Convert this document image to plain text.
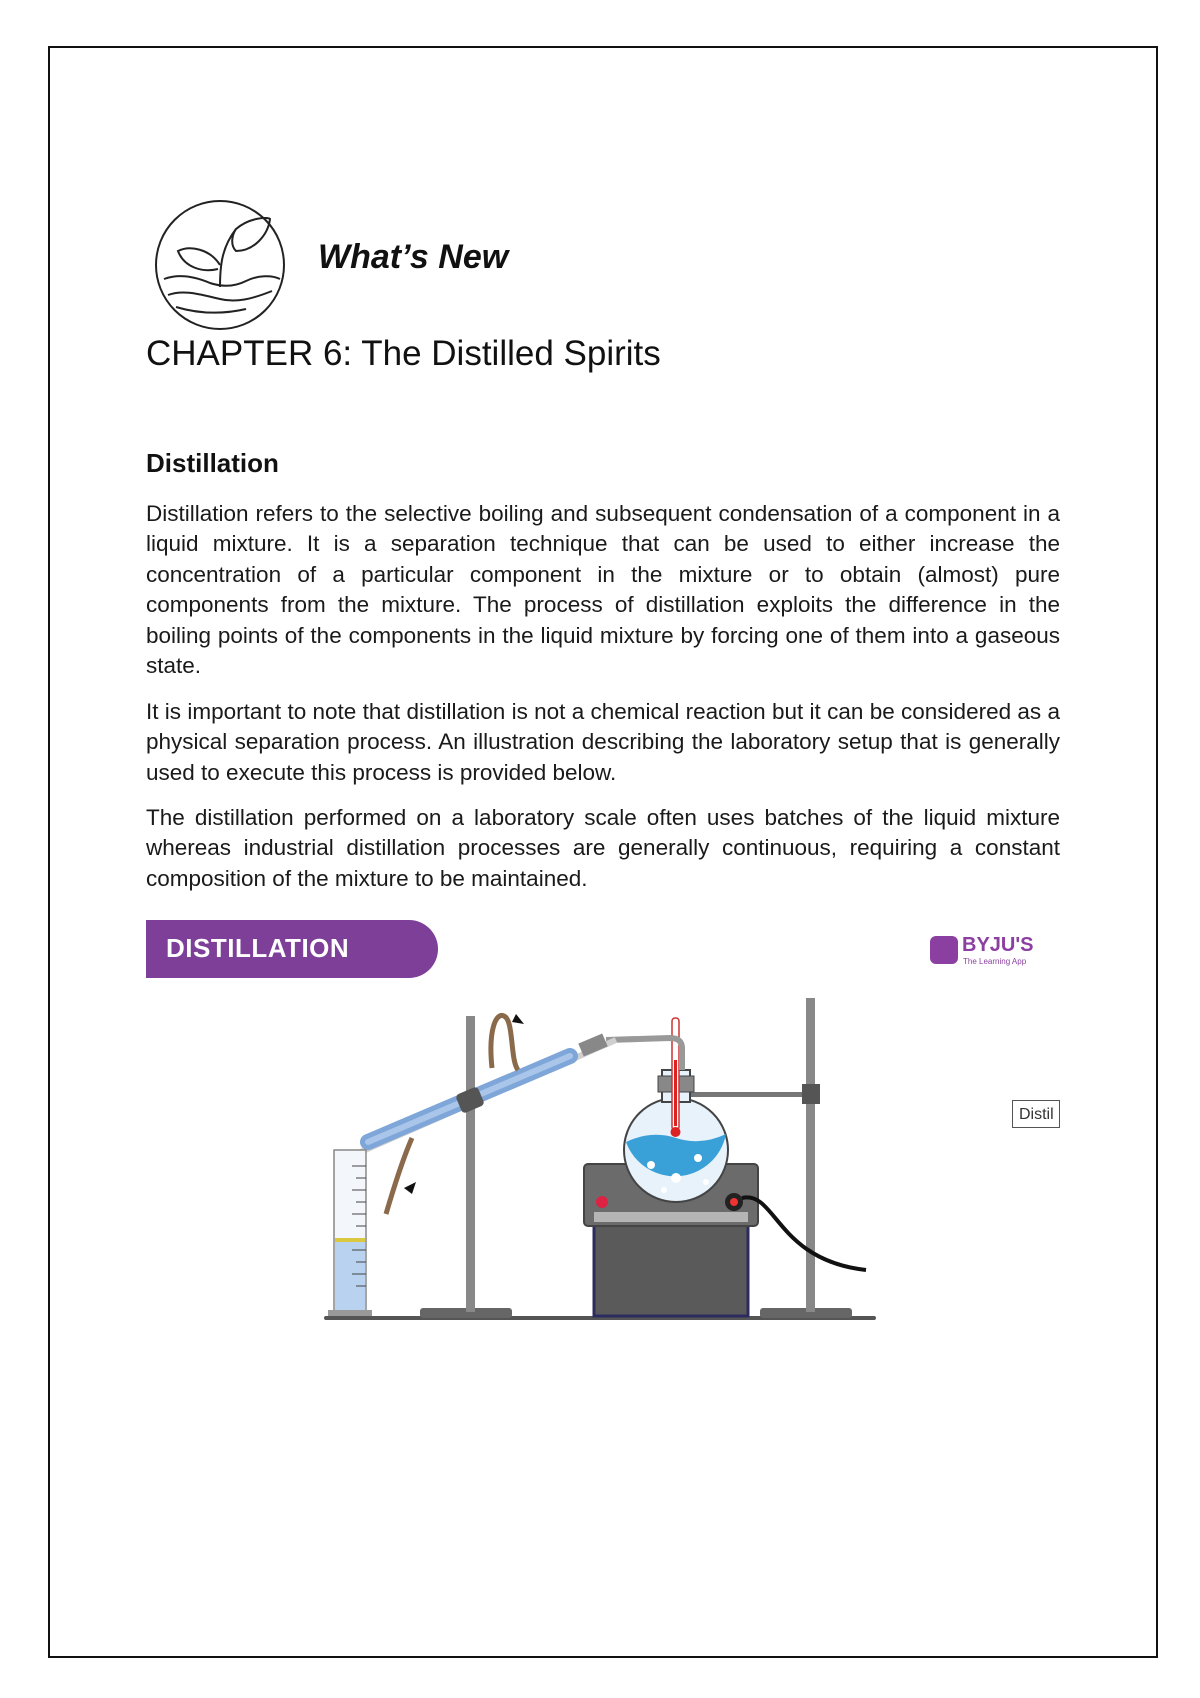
What’s New
CHAPTER 6: The Distilled Spirits
Distillation
Distillation refers to the selective boiling and subsequent condensation of a component in a liquid mixture. It is a separation technique that can be used to either increase the concentration of a particular component in the mixture or to obtain (almost) pure components from the mixture. The process of distillation exploits the difference in the boiling points of the components in the liquid mixture by forcing one of them into a gaseous state.
It is important to note that distillation is not a chemical reaction but it can be considered as a physical separation process. An illustration describing the laboratory setup that is generally used to execute this process is provided below.
The distillation performed on a laboratory scale often uses batches of the liquid mixture whereas industrial distillation processes are generally continuous, requiring a constant composition of the mixture to be maintained.
DISTILLATION	BYJU'S
The Learning App
Distil
